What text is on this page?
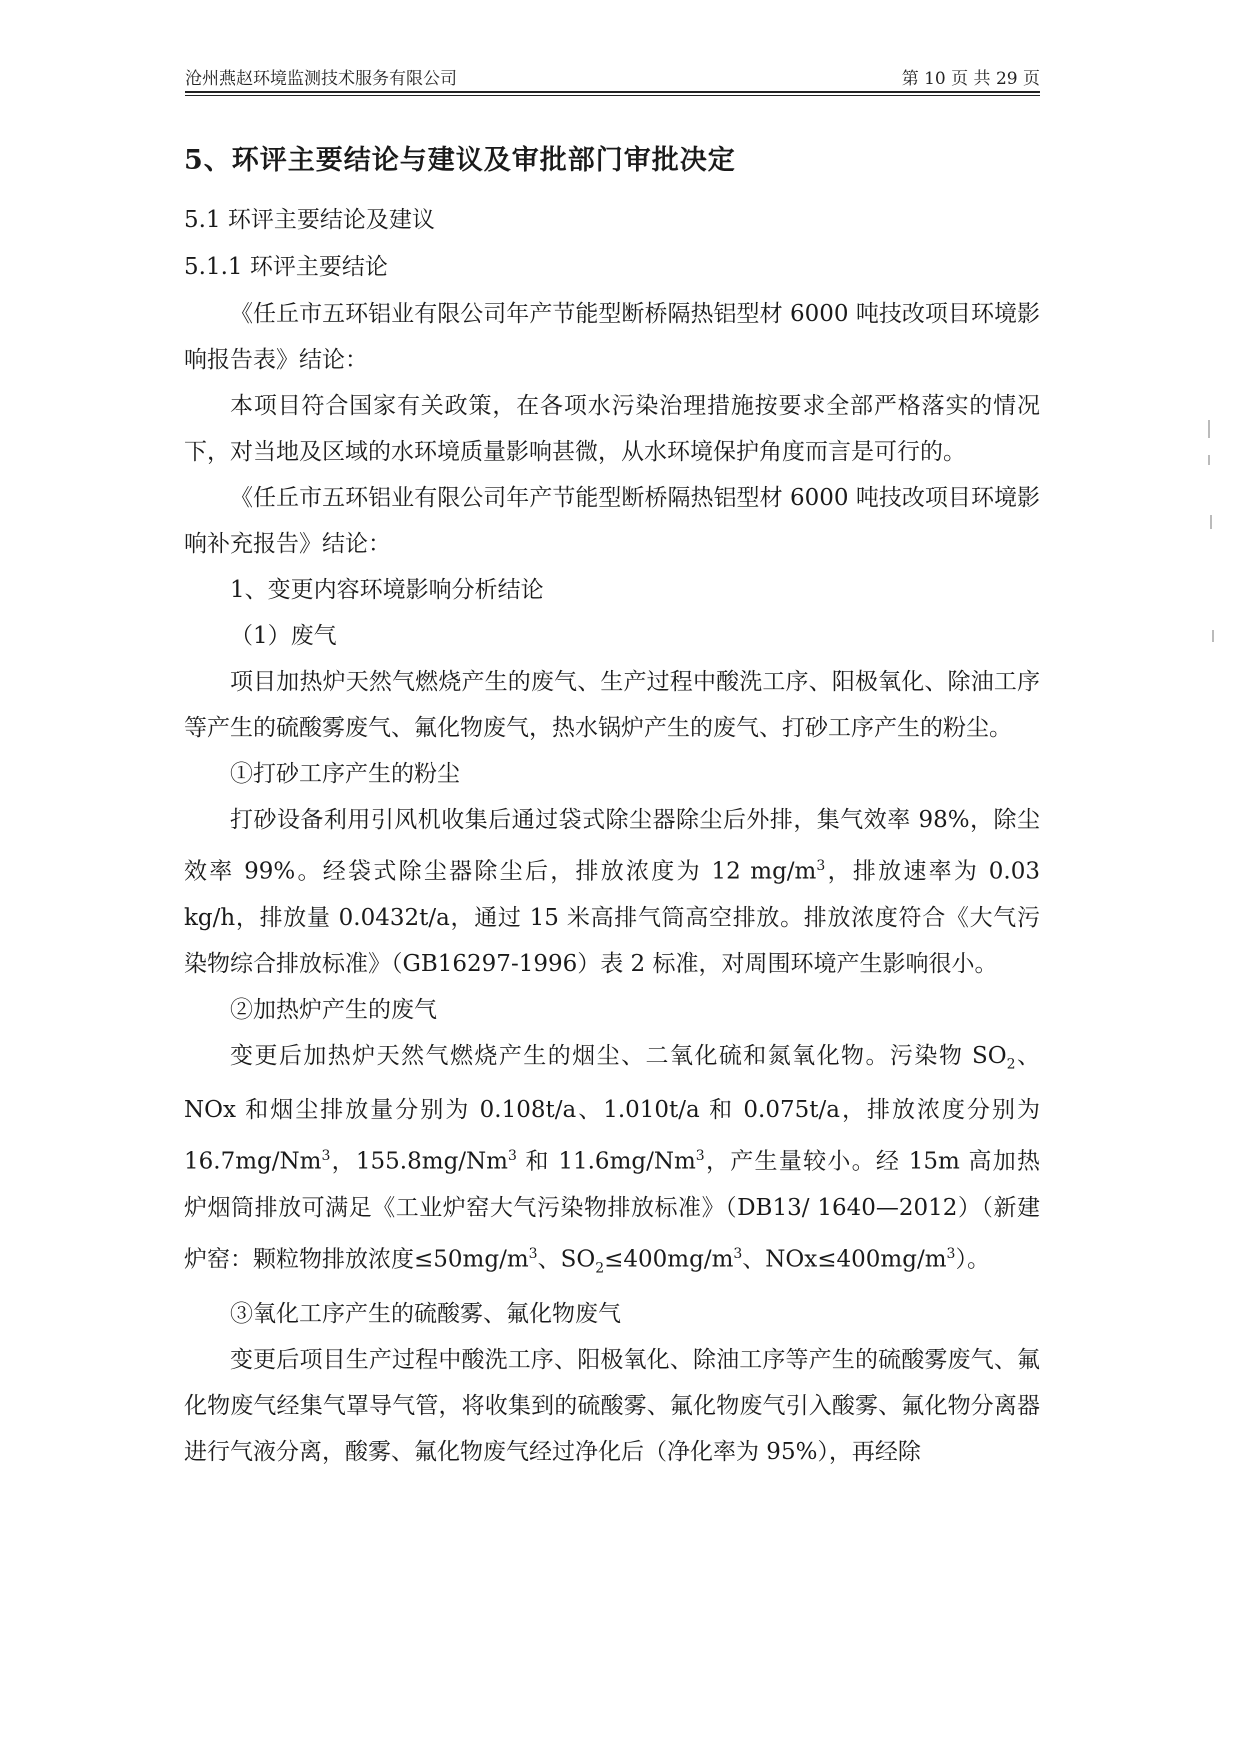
沧州燕赵环境监测技术服务有限公司	第 10 页 共 29 页
5、环评主要结论与建议及审批部门审批决定
5.1 环评主要结论及建议
5.1.1 环评主要结论

《任丘市五环铝业有限公司年产节能型断桥隔热铝型材 6000 吨技改项目环境影响报告表》结论：

本项目符合国家有关政策，在各项水污染治理措施按要求全部严格落实的情况下，对当地及区域的水环境质量影响甚微，从水环境保护角度而言是可行的。

《任丘市五环铝业有限公司年产节能型断桥隔热铝型材 6000 吨技改项目环境影响补充报告》结论：

1、变更内容环境影响分析结论

（1）废气

项目加热炉天然气燃烧产生的废气、生产过程中酸洗工序、阳极氧化、除油工序等产生的硫酸雾废气、氟化物废气，热水锅炉产生的废气、打砂工序产生的粉尘。

①打砂工序产生的粉尘

打砂设备利用引风机收集后通过袋式除尘器除尘后外排，集气效率 98%，除尘效率 99%。经袋式除尘器除尘后，排放浓度为 12 $mg/m^3$，排放速率为 0.03 kg/h，排放量 0.0432t/a，通过 15 米高排气筒高空排放。排放浓度符合《大气污染物综合排放标准》（GB16297-1996）表 2 标准，对周围环境产生影响很小。

②加热炉产生的废气

变更后加热炉天然气燃烧产生的烟尘、二氧化硫和氮氧化物。污染物 $SO_2$、NOx 和烟尘排放量分别为 0.108t/a、1.010t/a 和 0.075t/a，排放浓度分别为 16.7mg/Nm$^3$，155.8mg/Nm$^3$ 和 11.6mg/Nm$^3$，产生量较小。经 15m 高加热炉烟筒排放可满足《工业炉窑大气污染物排放标准》（DB13/ 1640—2012）（新建炉窑：颗粒物排放浓度$\le 50mg/m^3$、$SO_2\le 400mg/m^3$、$NOx\le 400mg/m^3$）。

③氧化工序产生的硫酸雾、氟化物废气

变更后项目生产过程中酸洗工序、阳极氧化、除油工序等产生的硫酸雾废气、氟化物废气经集气罩导气管，将收集到的硫酸雾、氟化物废气引入酸雾、氟化物分离器进行气液分离，酸雾、氟化物废气经过净化后（净化率为 95%），再经除
